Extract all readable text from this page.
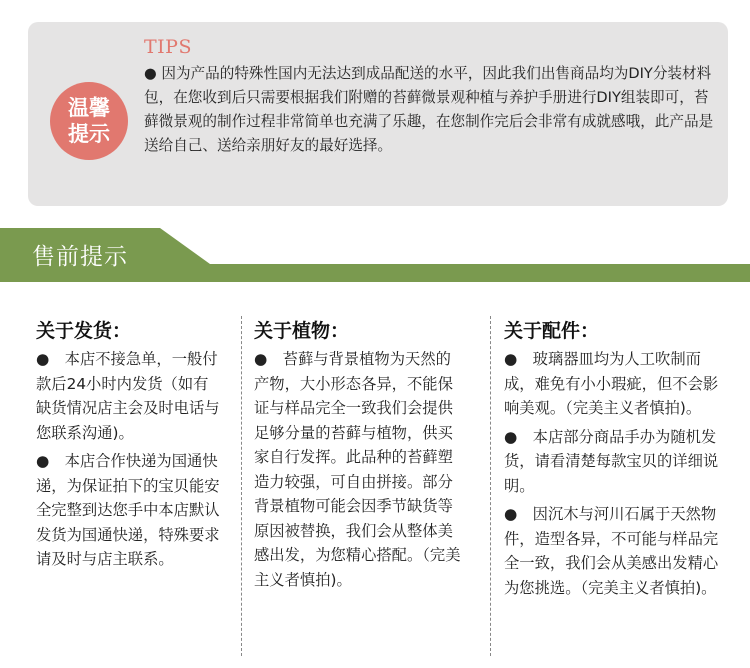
温馨
提示
TIPS

● 因为产品的特殊性国内无法达到成品配送的水平，因此我们出售商品均为DIY分装材料包，在您收到后只需要根据我们附赠的苔藓微景观种植与养护手册进行DIY组装即可，苔藓微景观的制作过程非常简单也充满了乐趣，在您制作完后会非常有成就感哦，此产品是送给自己、送给亲朋好友的最好选择。

售前提示
关于发货：

●　本店不接急单，一般付款后24小时内发货（如有缺货情况店主会及时电话与您联系沟通)。

●　本店合作快递为国通快递，为保证拍下的宝贝能安全完整到达您手中本店默认发货为国通快递，特殊要求请及时与店主联系。

关于植物：

●　苔藓与背景植物为天然的产物，大小形态各异，不能保证与样品完全一致我们会提供足够分量的苔藓与植物，供买家自行发挥。此品种的苔藓塑造力较强，可自由拼接。部分背景植物可能会因季节缺货等原因被替换，我们会从整体美感出发，为您精心搭配。（完美主义者慎拍)。

关于配件：

●　玻璃器皿均为人工吹制而成，难免有小小瑕疵，但不会影响美观。（完美主义者慎拍)。

●　本店部分商品手办为随机发货，请看清楚每款宝贝的详细说明。

●　因沉木与河川石属于天然物件，造型各异，不可能与样品完全一致，我们会从美感出发精心为您挑选。（完美主义者慎拍)。
